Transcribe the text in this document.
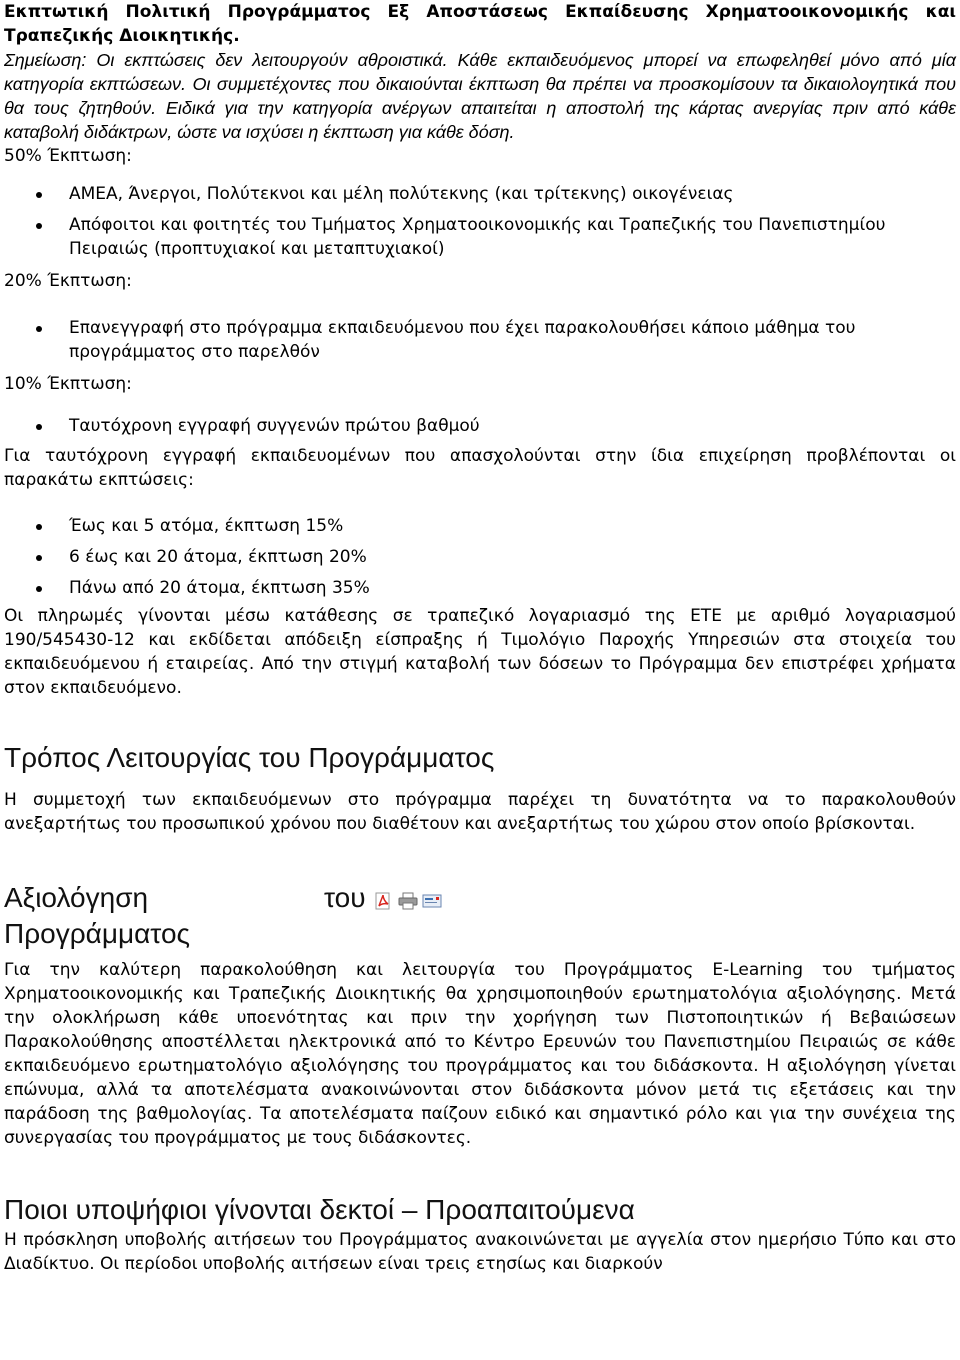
Εκπτωτική Πολιτική Προγράμματος Εξ Αποστάσεως Εκπαίδευσης Χρηματοοικονομικής και Τραπεζικής Διοικητικής.

Σημείωση: Οι εκπτώσεις δεν λειτουργούν αθροιστικά. Κάθε εκπαιδευόμενος μπορεί να επωφεληθεί μόνο από μία κατηγορία εκπτώσεων. Οι συμμετέχοντες που δικαιούνται έκπτωση θα πρέπει να προσκομίσουν τα δικαιολογητικά που θα τους ζητηθούν. Ειδικά για την κατηγορία ανέργων απαιτείται η αποστολή της κάρτας ανεργίας πριν από κάθε καταβολή διδάκτρων, ώστε να ισχύσει η έκπτωση για κάθε δόση.

50% Έκπτωση:

ΑΜΕΑ, Άνεργοι, Πολύτεκνοι και μέλη πολύτεκνης (και τρίτεκνης) οικογένειας
Απόφοιτοι και φοιτητές του Τμήματος Χρηματοοικονομικής και Τραπεζικής του Πανεπιστημίου Πειραιώς (προπτυχιακοί και μεταπτυχιακοί)

20% Έκπτωση:

Επανεγγραφή στο πρόγραμμα εκπαιδευόμενου που έχει παρακολουθήσει κάποιο μάθημα του προγράμματος στο παρελθόν

10% Έκπτωση:

Ταυτόχρονη εγγραφή συγγενών πρώτου βαθμού

Για ταυτόχρονη εγγραφή εκπαιδευομένων που απασχολούνται στην ίδια επιχείρηση προβλέπονται οι παρακάτω εκπτώσεις:

Έως και 5 ατόμα, έκπτωση 15%
6 έως και 20 άτομα, έκπτωση 20%
Πάνω από 20 άτομα, έκπτωση 35%

Οι πληρωμές γίνονται μέσω κατάθεσης σε τραπεζικό λογαριασμό της ΕΤΕ με αριθμό λογαριασμού 190/545430-12 και εκδίδεται απόδειξη είσπραξης ή Τιμολόγιο Παροχής Υπηρεσιών στα στοιχεία του εκπαιδευόμενου ή εταιρείας. Από την στιγμή καταβολή των δόσεων το Πρόγραμμα δεν επιστρέφει χρήματα στον εκπαιδευόμενο.

Τρόπος Λειτουργίας του Προγράμματος

Η συμμετοχή των εκπαιδευόμενων στο πρόγραμμα παρέχει τη δυνατότητα να το παρακολουθούν ανεξαρτήτως του προσωπικού χρόνου που διαθέτουν και ανεξαρτήτως του χώρου στον οποίο βρίσκονται.

Αξιολόγηση
Προγράμματος
του

Για την καλύτερη παρακολούθηση και λειτουργία του Προγράμματος E-Learning του τμήματος Χρηματοοικονομικής και Τραπεζικής Διοικητικής θα χρησιμοποιηθούν ερωτηματολόγια αξιολόγησης. Μετά την ολοκλήρωση κάθε υποενότητας και πριν την χορήγηση των Πιστοποιητικών ή Βεβαιώσεων Παρακολούθησης αποστέλλεται ηλεκτρονικά από το Κέντρο Ερευνών του Πανεπιστημίου Πειραιώς σε κάθε εκπαιδευόμενο ερωτηματολόγιο αξιολόγησης του προγράμματος και του διδάσκοντα. Η αξιολόγηση γίνεται επώνυμα, αλλά τα αποτελέσματα ανακοινώνονται στον διδάσκοντα μόνον μετά τις εξετάσεις και την παράδοση της βαθμολογίας. Τα αποτελέσματα παίζουν ειδικό και σημαντικό ρόλο και για την συνέχεια της συνεργασίας του προγράμματος με τους διδάσκοντες.

Ποιοι υποψήφιοι γίνονται δεκτοί – Προαπαιτούμενα

Η πρόσκληση υποβολής αιτήσεων του Προγράμματος ανακοινώνεται με αγγελία στον ημερήσιο Τύπο και στο Διαδίκτυο. Οι περίοδοι υποβολής αιτήσεων είναι τρεις ετησίως και διαρκούν
